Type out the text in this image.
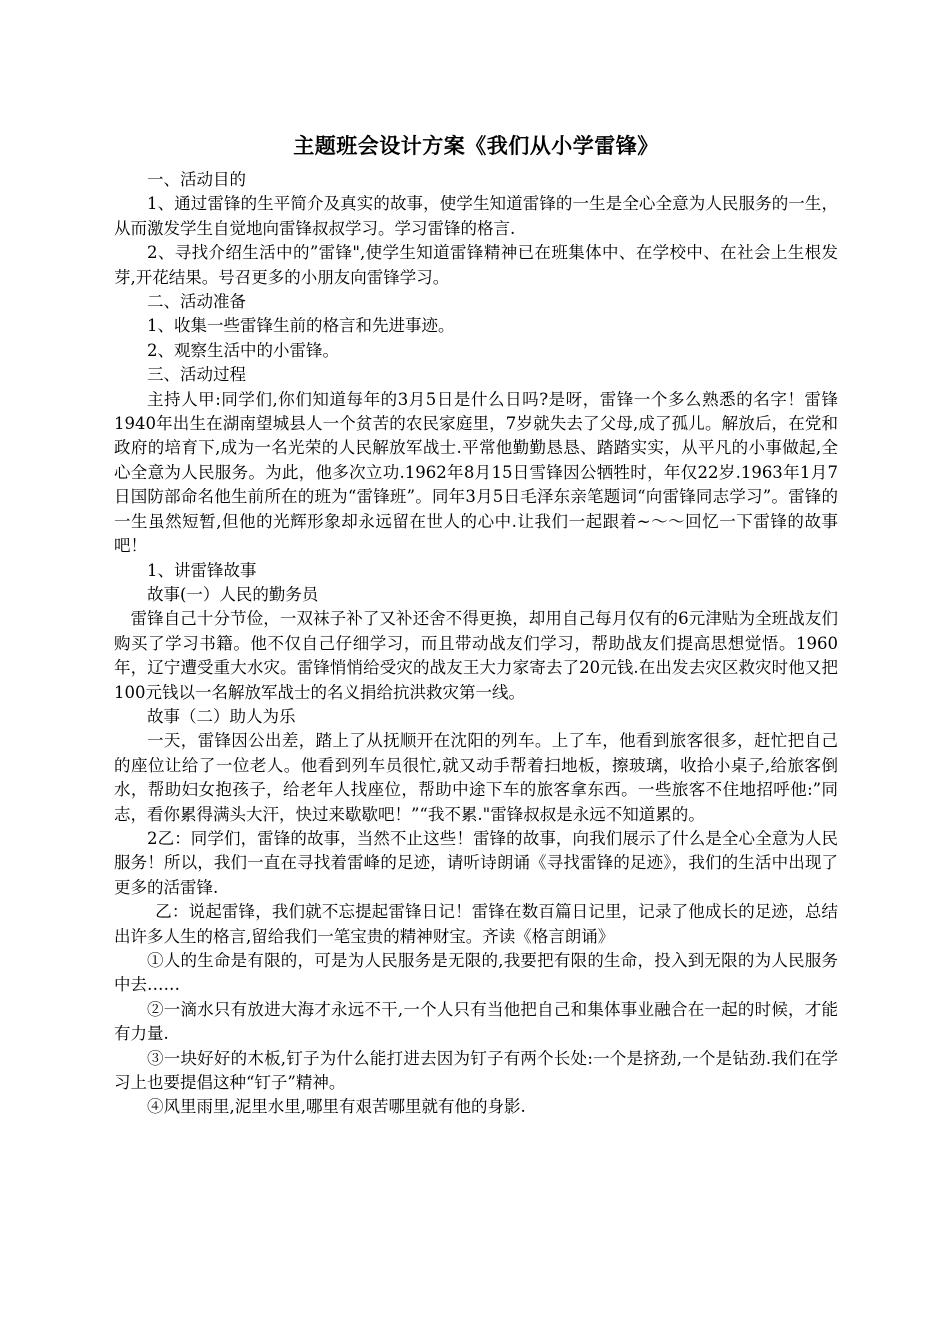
主题班会设计方案《我们从小学雷锋》

一、活动目的

1、通过雷锋的生平简介及真实的故事，使学生知道雷锋的一生是全心全意为人民服务的一生，从而激发学生自觉地向雷锋叔叔学习。学习雷锋的格言.

2、寻找介绍生活中的”雷锋",使学生知道雷锋精神已在班集体中、在学校中、在社会上生根发芽,开花结果。号召更多的小朋友向雷锋学习。

二、活动准备

1、收集一些雷锋生前的格言和先进事迹。

2、观察生活中的小雷锋。

三、活动过程

主持人甲:同学们,你们知道每年的3月5日是什么日吗?是呀，雷锋一个多么熟悉的名字！雷锋1940年出生在湖南望城县人一个贫苦的农民家庭里，7岁就失去了父母,成了孤儿。解放后，在党和政府的培育下,成为一名光荣的人民解放军战士.平常他勤勤恳恳、踏踏实实，从平凡的小事做起,全心全意为人民服务。为此，他多次立功.1962年8月15日雪锋因公牺牲时，年仅22岁.1963年1月7日国防部命名他生前所在的班为“雷锋班”。同年3月5日毛泽东亲笔题词“向雷锋同志学习”。雷锋的一生虽然短暂,但他的光辉形象却永远留在世人的心中.让我们一起跟着~～～回忆一下雷锋的故事吧！

1、讲雷锋故事

故事(一）人民的勤务员

雷锋自己十分节俭，一双袜子补了又补还舍不得更换，却用自己每月仅有的6元津贴为全班战友们购买了学习书籍。他不仅自己仔细学习，而且带动战友们学习，帮助战友们提高思想觉悟。1960年，辽宁遭受重大水灾。雷锋悄悄给受灾的战友王大力家寄去了20元钱.在出发去灾区救灾时他又把100元钱以一名解放军战士的名义捐给抗洪救灾第一线。

故事（二）助人为乐

一天，雷锋因公出差，踏上了从抚顺开在沈阳的列车。上了车，他看到旅客很多，赶忙把自己的座位让给了一位老人。他看到列车员很忙,就又动手帮着扫地板，擦玻璃，收拾小桌子,给旅客倒水，帮助妇女抱孩子，给老年人找座位，帮助中途下车的旅客拿东西。一些旅客不住地招呼他:”同志，看你累得满头大汗，快过来歇歇吧！”“我不累."雷锋叔叔是永远不知道累的。

2乙：同学们，雷锋的故事，当然不止这些！雷锋的故事，向我们展示了什么是全心全意为人民服务！所以，我们一直在寻找着雷峰的足迹，请听诗朗诵《寻找雷锋的足迹》，我们的生活中出现了更多的活雷锋.

乙：说起雷锋，我们就不忘提起雷锋日记！雷锋在数百篇日记里，记录了他成长的足迹，总结出许多人生的格言,留给我们一笔宝贵的精神财宝。齐读《格言朗诵》

①人的生命是有限的，可是为人民服务是无限的,我要把有限的生命，投入到无限的为人民服务中去……

②一滴水只有放进大海才永远不干,一个人只有当他把自己和集体事业融合在一起的时候，才能有力量.

③一块好好的木板,钉子为什么能打进去因为钉子有两个长处:一个是挤劲,一个是钻劲.我们在学习上也要提倡这种“钉子”精神。

④风里雨里,泥里水里,哪里有艰苦哪里就有他的身影.
